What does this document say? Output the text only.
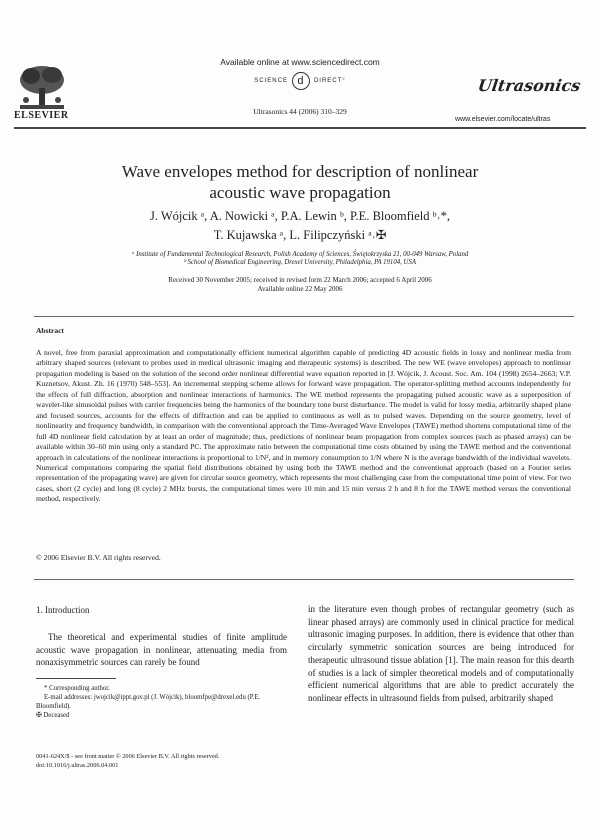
ELSEVIER
Available online at www.sciencedirect.com
SCIENCE d	DIRECT°
Ultrasonics 44 (2006) 310–329
Ultrasonics
www.elsevier.com/locate/ultras
Wave envelopes method for description of nonlinear
acoustic wave propagation
J. Wójcik ᵃ, A. Nowicki ᵃ, P.A. Lewin ᵇ, P.E. Bloomfield ᵇ˒*,
T. Kujawska ᵃ, L. Filipczyński ᵃ˒✠
ᵃ Institute of Fundamental Technological Research, Polish Academy of Sciences, Świętokrzyska 21, 00-049 Warsaw, Poland
ᵇ School of Biomedical Engineering, Drexel University, Philadelphia, PA 19104, USA
Received 30 November 2005; received in revised form 22 March 2006; accepted 6 April 2006
Available online 22 May 2006
Abstract
A novel, free from paraxial approximation and computationally efficient numerical algorithm capable of predicting 4D acoustic fields in lossy and nonlinear media from arbitrary shaped sources (relevant to probes used in medical ultrasonic imaging and therapeutic systems) is described. The new WE (wave envelopes) approach to nonlinear propagation modeling is based on the solution of the second order nonlinear differential wave equation reported in [J. Wójcik, J. Acoust. Soc. Am. 104 (1998) 2654–2663; V.P. Kuznetsov, Akust. Zh. 16 (1970) 548–553]. An incremental stepping scheme allows for forward wave propagation. The operator-splitting method accounts independently for the effects of full diffraction, absorption and nonlinear interactions of harmonics. The WE method represents the propagating pulsed acoustic wave as a superposition of wavelet-like sinusoidal pulses with carrier frequencies being the harmonics of the boundary tone burst disturbance. The model is valid for lossy media, arbitrarily shaped plane and focused sources, accounts for the effects of diffraction and can be applied to continuous as well as to pulsed waves. Depending on the source geometry, level of nonlinearity and frequency bandwidth, in comparison with the conventional approach the Time-Averaged Wave Envelopes (TAWE) method shortens computational time of the full 4D nonlinear field calculation by at least an order of magnitude; thus, predictions of nonlinear beam propagation from complex sources (such as phased arrays) can be available within 30–60 min using only a standard PC. The approximate ratio between the computational time costs obtained by using the TAWE method and the conventional approach in calculations of the nonlinear interactions is proportional to 1/N², and in memory consumption to 1/N where N is the average bandwidth of the individual wavelets. Numerical computations comparing the spatial field distributions obtained by using both the TAWE method and the conventional approach (based on a Fourier series representation of the propagating wave) are given for circular source geometry, which represents the most challenging case from the computational time point of view. For two cases, short (2 cycle) and long (8 cycle) 2 MHz bursts, the computational times were 10 min and 15 min versus 2 h and 8 h for the TAWE method versus the conventional method, respectively.
© 2006 Elsevier B.V. All rights reserved.
1. Introduction
The theoretical and experimental studies of finite amplitude acoustic wave propagation in nonlinear, attenuating media from nonaxisymmetric sources can rarely be found
in the literature even though probes of rectangular geometry (such as linear phased arrays) are commonly used in clinical practice for medical ultrasonic imaging purposes. In addition, there is evidence that other than circularly symmetric sonication sources are being introduced for therapeutic ultrasound tissue ablation [1]. The main reason for this dearth of studies is a lack of simpler theoretical models and of computationally efficient numerical algorithms that are able to predict accurately the nonlinear effects in ultrasound fields from pulsed, arbitrarily shaped
* Corresponding author.
E-mail addresses: jwojcik@ippt.gov.pl (J. Wójcik), bloomfpe@drexel.edu (P.E. Bloomfield).
✠ Deceased
0041-624X/$ - see front matter © 2006 Elsevier B.V. All rights reserved.
doi:10.1016/j.ultras.2006.04.001
